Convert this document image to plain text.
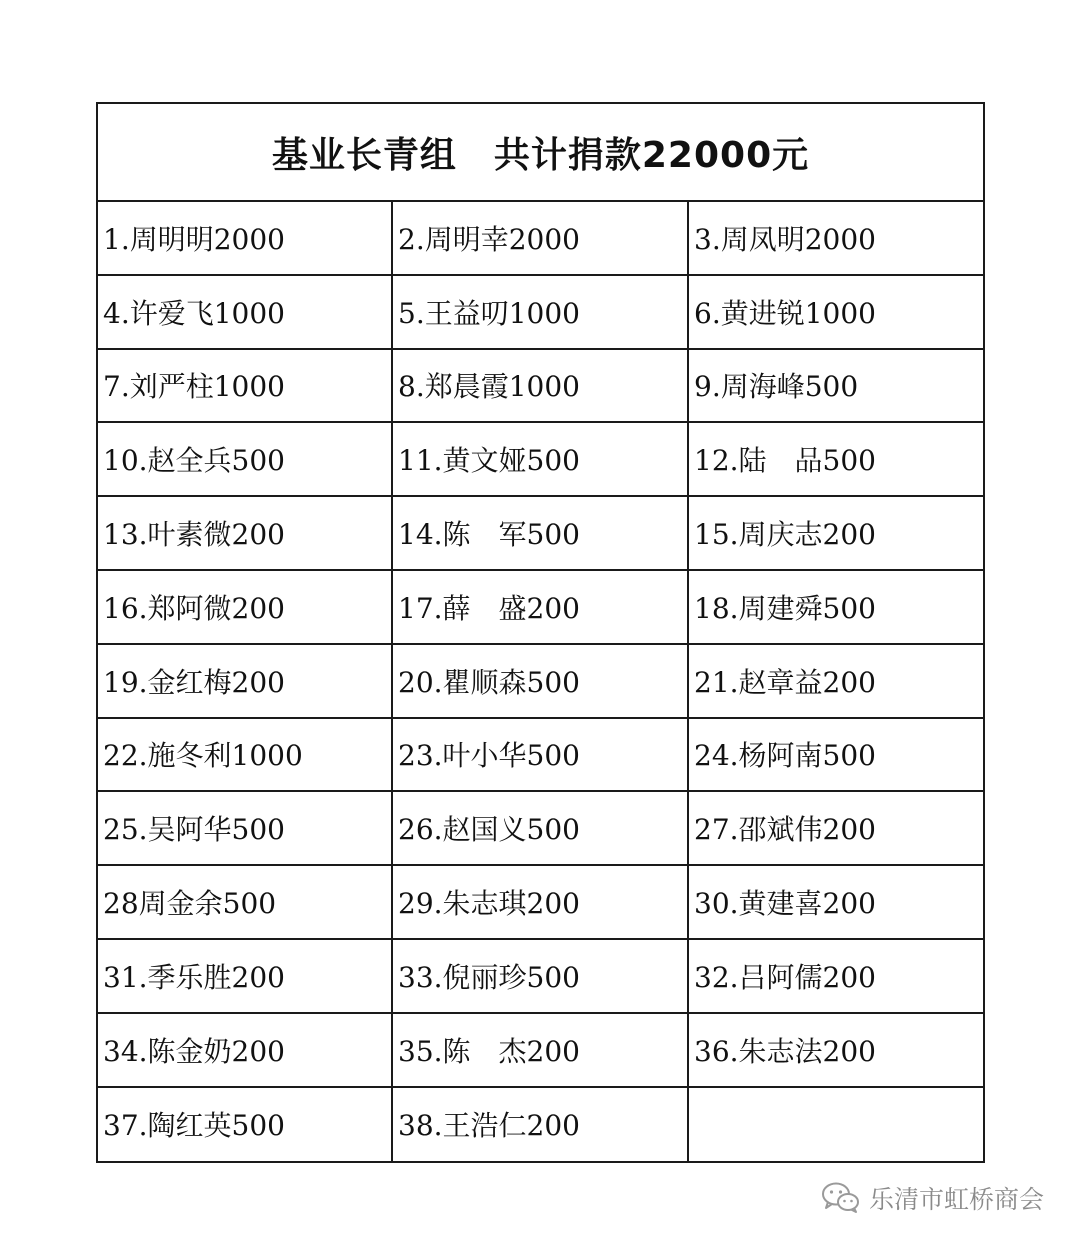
基业长青组　共计捐款22000元
1.周明明2000	2.周明幸2000	3.周凤明2000
4.许爱飞1000	5.王益叨1000	6.黄进锐1000
7.刘严柱1000	8.郑晨霞1000	9.周海峰500
10.赵全兵500	11.黄文娅500	12.陆　品500
13.叶素微200	14.陈　军500	15.周庆志200
16.郑阿微200	17.薛　盛200	18.周建舜500
19.金红梅200	20.瞿顺森500	21.赵章益200
22.施冬利1000	23.叶小华500	24.杨阿南500
25.吴阿华500	26.赵国义500	27.邵斌伟200
28周金余500	29.朱志琪200	30.黄建喜200
31.季乐胜200	33.倪丽珍500	32.吕阿儒200
34.陈金奶200	35.陈　杰200	36.朱志法200
37.陶红英500	38.王浩仁200
乐清市虹桥商会
